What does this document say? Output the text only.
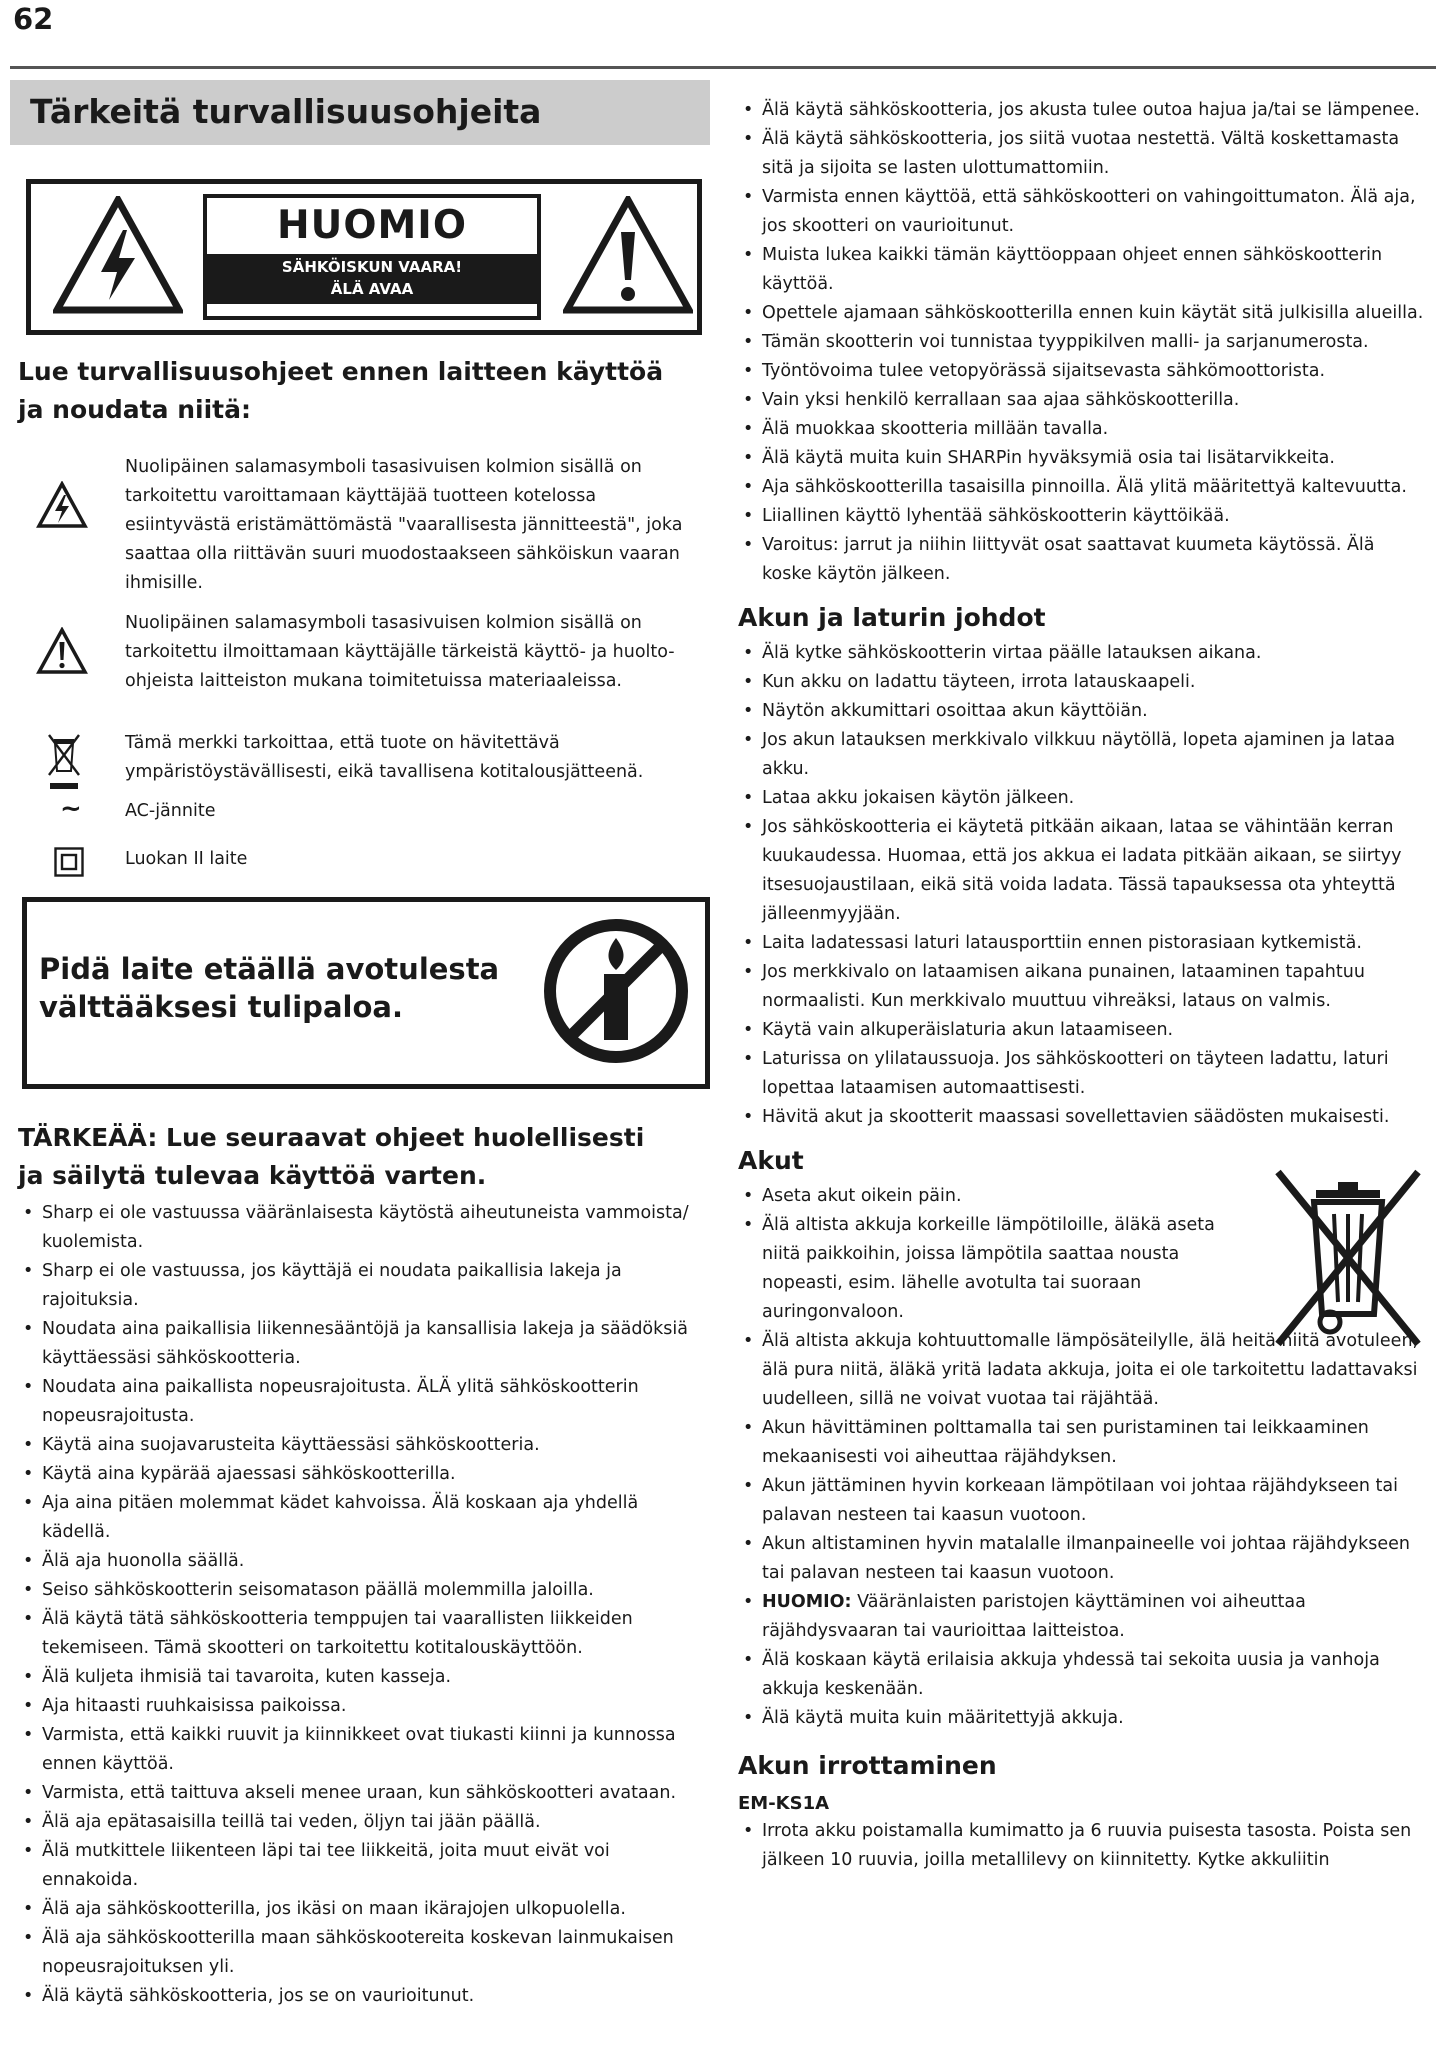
62
Tärkeitä turvallisuusohjeita
HUOMIO
SÄHKÖISKUN VAARA!
ÄLÄ AVAA
Lue turvallisuusohjeet ennen laitteen käyttöä ja noudata niitä:
Nuolipäinen salamasymboli tasasivuisen kolmion sisällä on tarkoitettu varoittamaan käyttäjää tuotteen kotelossa esiintyvästä eristämättömästä "vaarallisesta jännitteestä", joka saattaa olla riittävän suuri muodostaakseen sähköiskun vaaran ihmisille.
Nuolipäinen salamasymboli tasasivuisen kolmion sisällä on tarkoitettu ilmoittamaan käyttäjälle tärkeistä käyttö- ja huolto-ohjeista laitteiston mukana toimitetuissa materiaaleissa.
Tämä merkki tarkoittaa, että tuote on hävitettävä ympäristöystävällisesti, eikä tavallisena kotitalousjätteenä.
~ AC-jännite
Luokan II laite
Pidä laite etäällä avotulesta
välttääksesi tulipaloa.
TÄRKEÄÄ: Lue seuraavat ohjeet huolellisesti ja säilytä tulevaa käyttöä varten.
• Sharp ei ole vastuussa vääränlaisesta käytöstä aiheutuneista vammoista/ kuolemista.
• Sharp ei ole vastuussa, jos käyttäjä ei noudata paikallisia lakeja ja rajoituksia.
• Noudata aina paikallisia liikennesääntöjä ja kansallisia lakeja ja säädöksiä käyttäessäsi sähköskootteria.
• Noudata aina paikallista nopeusrajoitusta. ÄLÄ ylitä sähköskootterin nopeusrajoitusta.
• Käytä aina suojavarusteita käyttäessäsi sähköskootteria.
• Käytä aina kypärää ajaessasi sähköskootterilla.
• Aja aina pitäen molemmat kädet kahvoissa. Älä koskaan aja yhdellä kädellä.
• Älä aja huonolla säällä.
• Seiso sähköskootterin seisomatason päällä molemmilla jaloilla.
• Älä käytä tätä sähköskootteria temppujen tai vaarallisten liikkeiden tekemiseen. Tämä skootteri on tarkoitettu kotitalouskäyttöön.
• Älä kuljeta ihmisiä tai tavaroita, kuten kasseja.
• Aja hitaasti ruuhkaisissa paikoissa.
• Varmista, että kaikki ruuvit ja kiinnikkeet ovat tiukasti kiinni ja kunnossa ennen käyttöä.
• Varmista, että taittuva akseli menee uraan, kun sähköskootteri avataan.
• Älä aja epätasaisilla teillä tai veden, öljyn tai jään päällä.
• Älä mutkittele liikenteen läpi tai tee liikkeitä, joita muut eivät voi ennakoida.
• Älä aja sähköskootterilla, jos ikäsi on maan ikärajojen ulkopuolella.
• Älä aja sähköskootterilla maan sähköskootereita koskevan lainmukaisen nopeusrajoituksen yli.
• Älä käytä sähköskootteria, jos se on vaurioitunut.
• Älä käytä sähköskootteria, jos akusta tulee outoa hajua ja/tai se lämpenee.
• Älä käytä sähköskootteria, jos siitä vuotaa nestettä. Vältä koskettamasta sitä ja sijoita se lasten ulottumattomiin.
• Varmista ennen käyttöä, että sähköskootteri on vahingoittumaton. Älä aja, jos skootteri on vaurioitunut.
• Muista lukea kaikki tämän käyttöoppaan ohjeet ennen sähköskootterin käyttöä.
• Opettele ajamaan sähköskootterilla ennen kuin käytät sitä julkisilla alueilla.
• Tämän skootterin voi tunnistaa tyyppikilven malli- ja sarjanumerosta.
• Työntövoima tulee vetopyörässä sijaitsevasta sähkömoottorista.
• Vain yksi henkilö kerrallaan saa ajaa sähköskootterilla.
• Älä muokkaa skootteria millään tavalla.
• Älä käytä muita kuin SHARPin hyväksymiä osia tai lisätarvikkeita.
• Aja sähköskootterilla tasaisilla pinnoilla. Älä ylitä määritettyä kaltevuutta.
• Liiallinen käyttö lyhentää sähköskootterin käyttöikää.
• Varoitus: jarrut ja niihin liittyvät osat saattavat kuumeta käytössä. Älä koske käytön jälkeen.
Akun ja laturin johdot
• Älä kytke sähköskootterin virtaa päälle latauksen aikana.
• Kun akku on ladattu täyteen, irrota latauskaapeli.
• Näytön akkumittari osoittaa akun käyttöiän.
• Jos akun latauksen merkkivalo vilkkuu näytöllä, lopeta ajaminen ja lataa akku.
• Lataa akku jokaisen käytön jälkeen.
• Jos sähköskootteria ei käytetä pitkään aikaan, lataa se vähintään kerran kuukaudessa. Huomaa, että jos akkua ei ladata pitkään aikaan, se siirtyy itsesuojaustilaan, eikä sitä voida ladata. Tässä tapauksessa ota yhteyttä jälleenmyyjään.
• Laita ladatessasi laturi latausporttiin ennen pistorasiaan kytkemistä.
• Jos merkkivalo on lataamisen aikana punainen, lataaminen tapahtuu normaalisti. Kun merkkivalo muuttuu vihreäksi, lataus on valmis.
• Käytä vain alkuperäislaturia akun lataamiseen.
• Laturissa on ylilataussuoja. Jos sähköskootteri on täyteen ladattu, laturi lopettaa lataamisen automaattisesti.
• Hävitä akut ja skootterit maassasi sovellettavien säädösten mukaisesti.
Akut
• Aseta akut oikein päin.
• Älä altista akkuja korkeille lämpötiloille, äläkä aseta niitä paikkoihin, joissa lämpötila saattaa nousta nopeasti, esim. lähelle avotulta tai suoraan auringonvaloon.
• Älä altista akkuja kohtuuttomalle lämpösäteilylle, älä heitä niitä avotuleen, älä pura niitä, äläkä yritä ladata akkuja, joita ei ole tarkoitettu ladattavaksi uudelleen, sillä ne voivat vuotaa tai räjähtää.
• Akun hävittäminen polttamalla tai sen puristaminen tai leikkaaminen mekaanisesti voi aiheuttaa räjähdyksen.
• Akun jättäminen hyvin korkeaan lämpötilaan voi johtaa räjähdykseen tai palavan nesteen tai kaasun vuotoon.
• Akun altistaminen hyvin matalalle ilmanpaineelle voi johtaa räjähdykseen tai palavan nesteen tai kaasun vuotoon.
• HUOMIO: Vääränlaisten paristojen käyttäminen voi aiheuttaa räjähdysvaaran tai vaurioittaa laitteistoa.
• Älä koskaan käytä erilaisia akkuja yhdessä tai sekoita uusia ja vanhoja akkuja keskenään.
• Älä käytä muita kuin määritettyjä akkuja.
Akun irrottaminen
EM-KS1A
• Irrota akku poistamalla kumimatto ja 6 ruuvia puisesta tasosta. Poista sen jälkeen 10 ruuvia, joilla metallilevy on kiinnitetty. Kytke akkuliitin
